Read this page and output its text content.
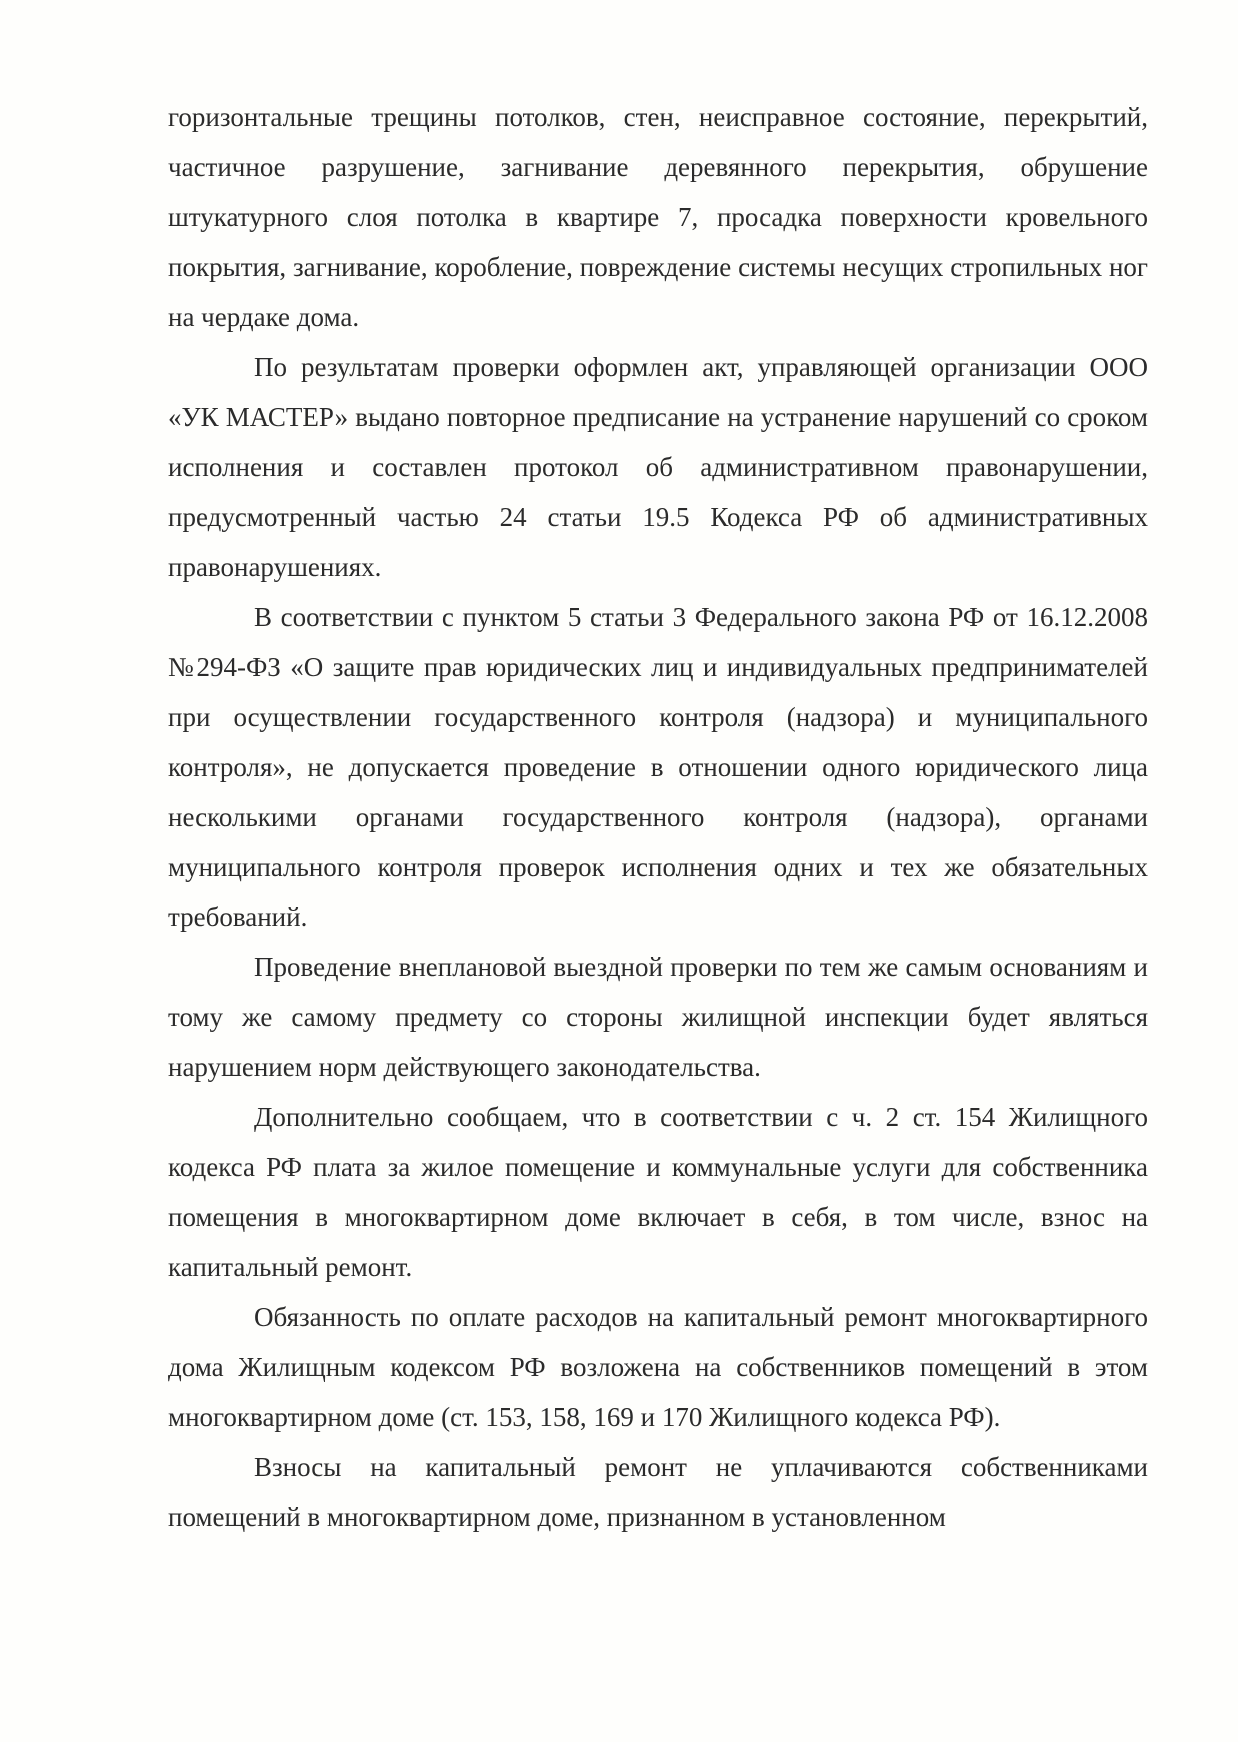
горизонтальные трещины потолков, стен, неисправное состояние, перекрытий, частичное разрушение, загнивание деревянного перекрытия, обрушение штукатурного слоя потолка в квартире 7, просадка поверхности кровельного покрытия, загнивание, коробление, повреждение системы несущих стропильных ног на чердаке дома.

По результатам проверки оформлен акт, управляющей организации ООО «УК МАСТЕР» выдано повторное предписание на устранение нарушений со сроком исполнения и составлен протокол об административном правонарушении, предусмотренный частью 24 статьи 19.5 Кодекса РФ об административных правонарушениях.

В соответствии с пунктом 5 статьи 3 Федерального закона РФ от 16.12.2008 №294-ФЗ «О защите прав юридических лиц и индивидуальных предпринимателей при осуществлении государственного контроля (надзора) и муниципального контроля», не допускается проведение в отношении одного юридического лица несколькими органами государственного контроля (надзора), органами муниципального контроля проверок исполнения одних и тех же обязательных требований.

Проведение внеплановой выездной проверки по тем же самым основаниям и тому же самому предмету со стороны жилищной инспекции будет являться нарушением норм действующего законодательства.

Дополнительно сообщаем, что в соответствии с ч. 2 ст. 154 Жилищного кодекса РФ плата за жилое помещение и коммунальные услуги для собственника помещения в многоквартирном доме включает в себя, в том числе, взнос на капитальный ремонт.

Обязанность по оплате расходов на капитальный ремонт многоквартирного дома Жилищным кодексом РФ возложена на собственников помещений в этом многоквартирном доме (ст. 153, 158, 169 и 170 Жилищного кодекса РФ).

Взносы на капитальный ремонт не уплачиваются собственниками помещений в многоквартирном доме, признанном в установленном
